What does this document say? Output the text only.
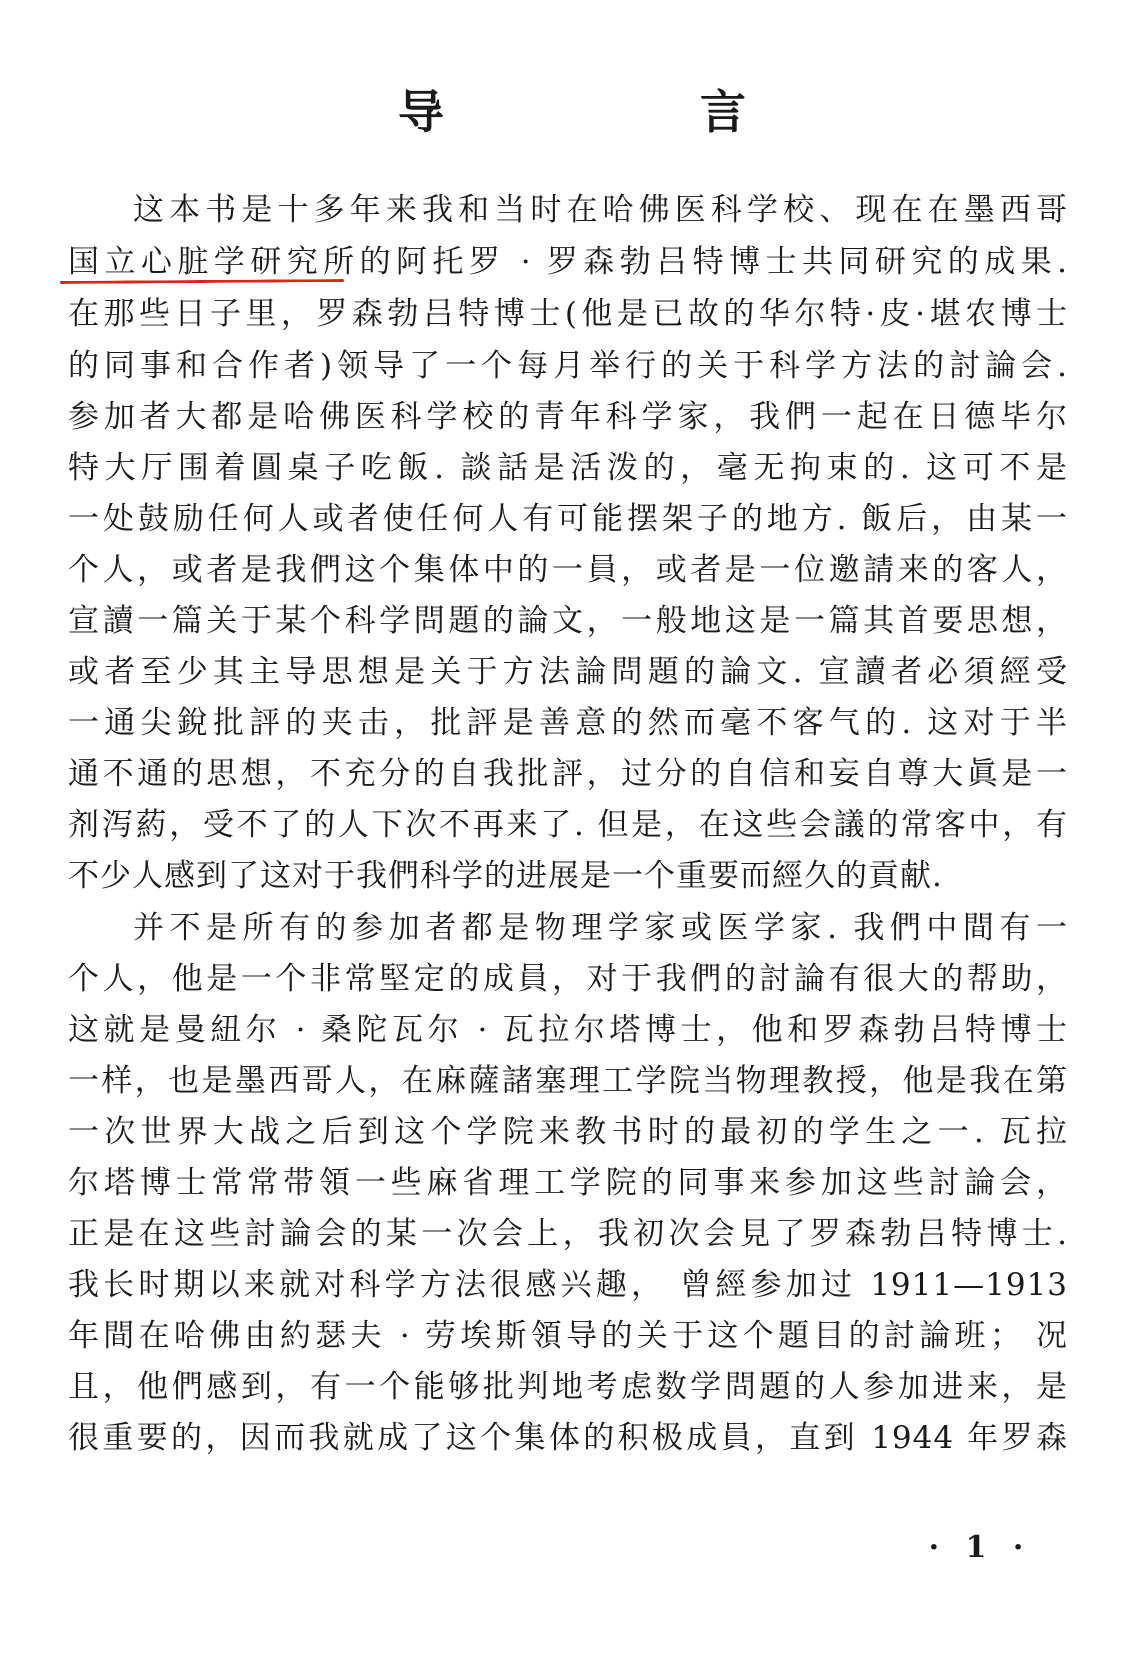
导 言
这本书是十多年来我和当时在哈佛医科学校、现在在墨西哥
国立心脏学研究所的阿托罗 · 罗森勃吕特博士共同研究的成果.
在那些日子里，罗森勃吕特博士(他是已故的华尔特·皮·堪农博士
的同事和合作者)领导了一个每月举行的关于科学方法的討論会.
参加者大都是哈佛医科学校的青年科学家，我們一起在日德毕尔
特大厅围着圓桌子吃飯. 談話是活泼的，毫无拘束的. 这可不是
一处鼓励任何人或者使任何人有可能摆架子的地方. 飯后，由某一
个人，或者是我們这个集体中的一員，或者是一位邀請来的客人，
宣讀一篇关于某个科学問題的論文，一般地这是一篇其首要思想，
或者至少其主导思想是关于方法論問題的論文. 宣讀者必須經受
一通尖銳批評的夹击，批評是善意的然而毫不客气的. 这对于半
通不通的思想，不充分的自我批評，过分的自信和妄自尊大眞是一
剂泻葯，受不了的人下次不再来了. 但是，在这些会議的常客中，有
不少人感到了这对于我們科学的进展是一个重要而經久的貢献.
并不是所有的参加者都是物理学家或医学家. 我們中間有一
个人，他是一个非常堅定的成員，对于我們的討論有很大的帮助，
这就是曼紐尔 · 桑陀瓦尔 · 瓦拉尔塔博士，他和罗森勃吕特博士
一样，也是墨西哥人，在麻薩諸塞理工学院当物理教授，他是我在第
一次世界大战之后到这个学院来教书时的最初的学生之一. 瓦拉
尔塔博士常常带領一些麻省理工学院的同事来参加这些討論会，
正是在这些討論会的某一次会上，我初次会見了罗森勃吕特博士.
我长时期以来就对科学方法很感兴趣， 曾經参加过 1911—1913
年間在哈佛由約瑟夫 · 劳埃斯領导的关于这个題目的討論班； 况
且，他們感到，有一个能够批判地考虑数学問題的人参加进来，是
很重要的，因而我就成了这个集体的积极成員，直到 1944 年罗森
· 1 ·
